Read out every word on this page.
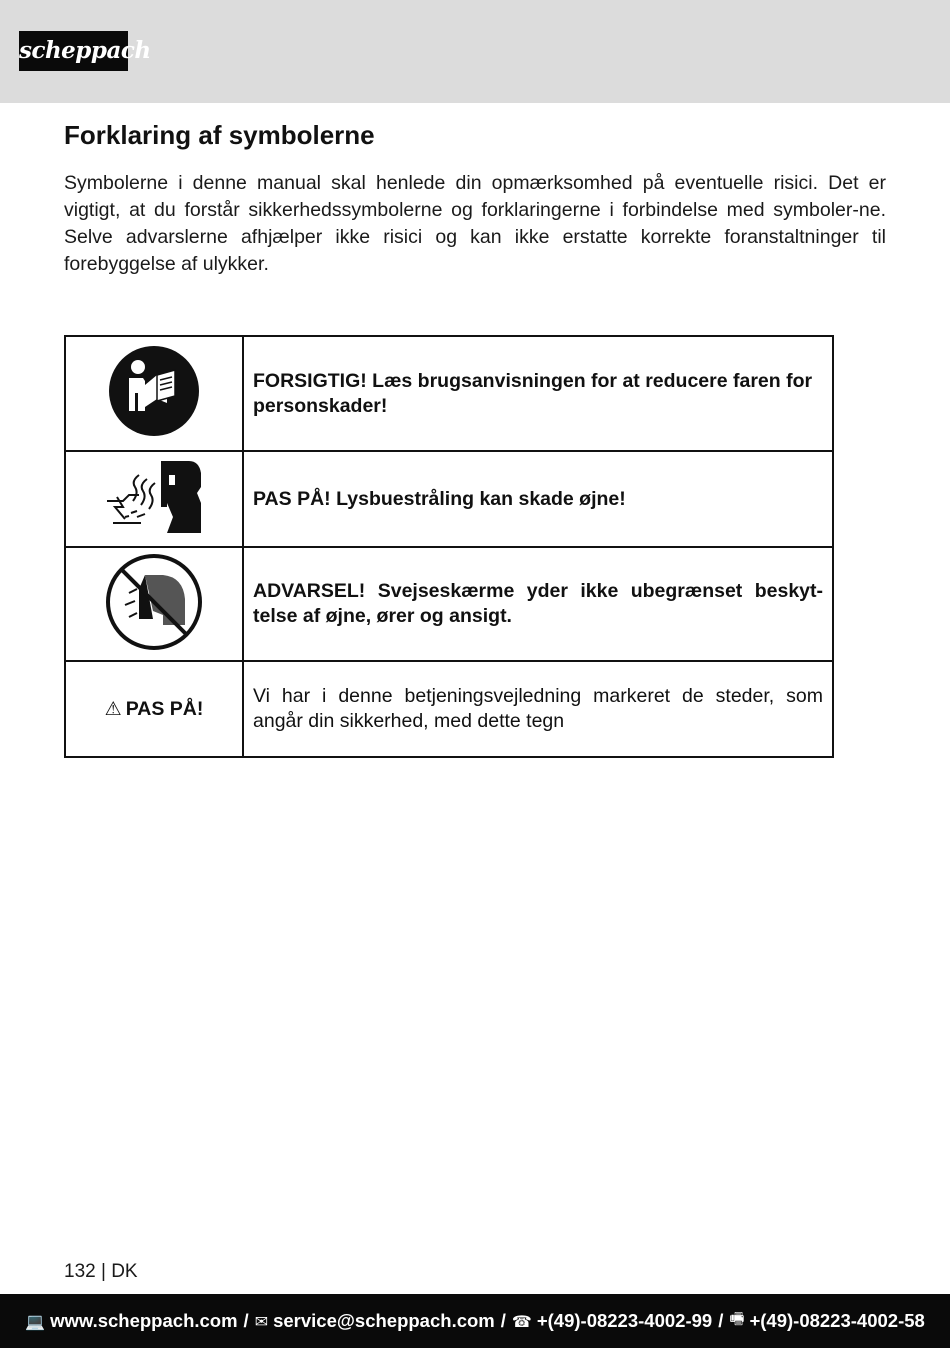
scheppach
Forklaring af symbolerne

Symbolerne i denne manual skal henlede din opmærksomhed på eventuelle risici. Det er vigtigt, at du forstår sikkerhedssymbolerne og forklaringerne i forbindelse med symboler-ne. Selve advarslerne afhjælper ikke risici og kan ikke erstatte korrekte foranstaltninger til forebyggelse af ulykker.

	FORSIGTIG! Læs brugsanvisningen for at reducere faren for personskader!
	PAS PÅ! Lysbuestråling kan skade øjne!
	ADVARSEL! Svejseskærme yder ikke ubegrænset beskyt-telse af øjne, ører og ansigt.
⚠ PAS PÅ!	Vi har i denne betjeningsvejledning markeret de steder, som angår din sikkerhed, med dette tegn
132 | DK
💻 www.scheppach.com / ✉ service@scheppach.com / ☎ +(49)-08223-4002-99 / 🖷 +(49)-08223-4002-58
